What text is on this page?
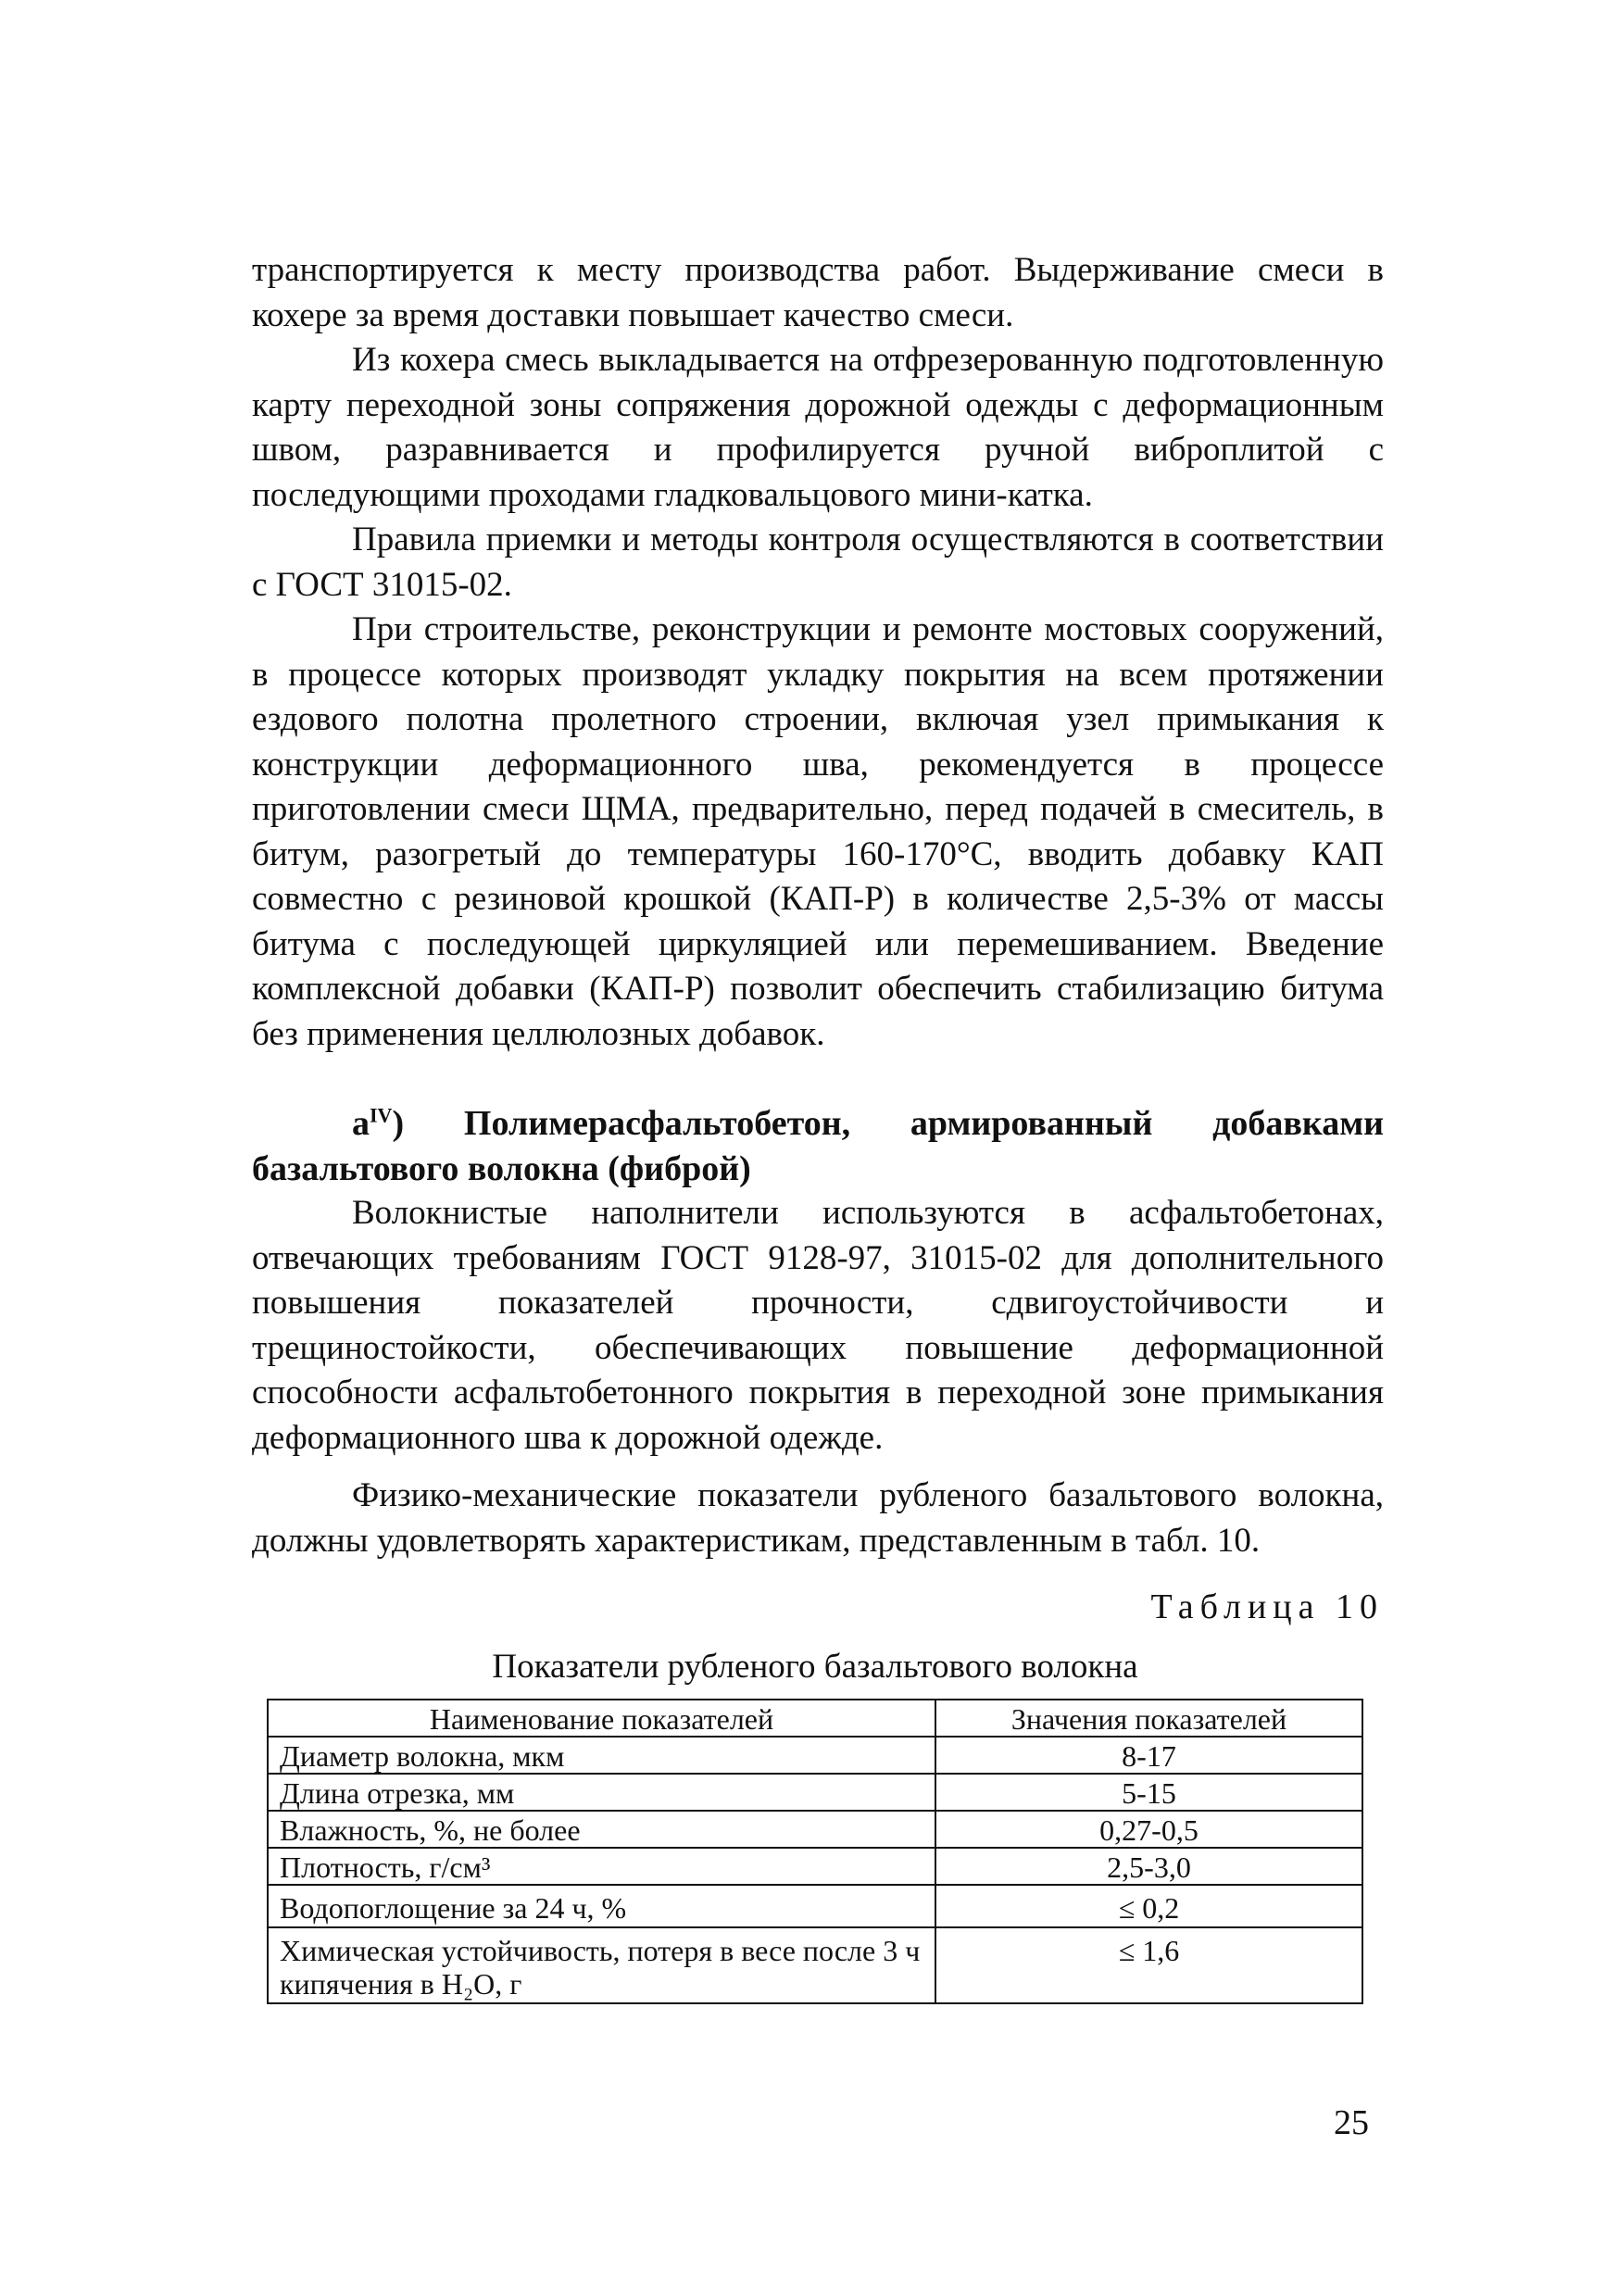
транспортируется к месту производства работ. Выдерживание смеси в кохере за время доставки повышает качество смеси.

Из кохера смесь выкладывается на отфрезерованную подготовленную карту переходной зоны сопряжения дорожной одежды с деформационным швом, разравнивается и профилируется ручной виброплитой с последующими проходами гладковальцового мини-катка.

Правила приемки и методы контроля осуществляются в соответствии с ГОСТ 31015-02.

При строительстве, реконструкции и ремонте мостовых сооружений, в процессе которых производят укладку покрытия на всем протяжении ездового полотна пролетного строении, включая узел примыкания к конструкции деформационного шва, рекомендуется в процессе приготовлении смеси ЩМА, предварительно, перед подачей в смеситель, в битум, разогретый до температуры 160-170°С, вводить добавку КАП совместно с резиновой крошкой (КАП-Р) в количестве 2,5-3% от массы битума с последующей циркуляцией или перемешиванием. Введение комплексной добавки (КАП-Р) позволит обеспечить стабилизацию битума без применения целлюлозных добавок.

$а^{IV}$) Полимерасфальтобетон, армированный добавками базальтового волокна (фиброй)

Волокнистые наполнители используются в асфальтобетонах, отвечающих требованиям ГОСТ 9128-97, 31015-02 для дополнительного повышения показателей прочности, сдвигоустойчивости и трещиностойкости, обеспечивающих повышение деформационной способности асфальтобетонного покрытия в переходной зоне примыкания деформационного шва к дорожной одежде.

Физико-механические показатели рубленого базальтового волокна, должны удовлетворять характеристикам, представленным в табл. 10.

Таблица 10
Показатели рубленого базальтового волокна
Наименование показателей	Значения показателей
Диаметр волокна, мкм	8-17
Длина отрезка, мм	5-15
Влажность, %, не более	0,27-0,5
Плотность, г/см³	2,5-3,0
Водопоглощение за 24 ч, %	≤ 0,2
Химическая устойчивость, потеря в весе после 3 ч кипячения в H₂O, г	≤ 1,6
25
